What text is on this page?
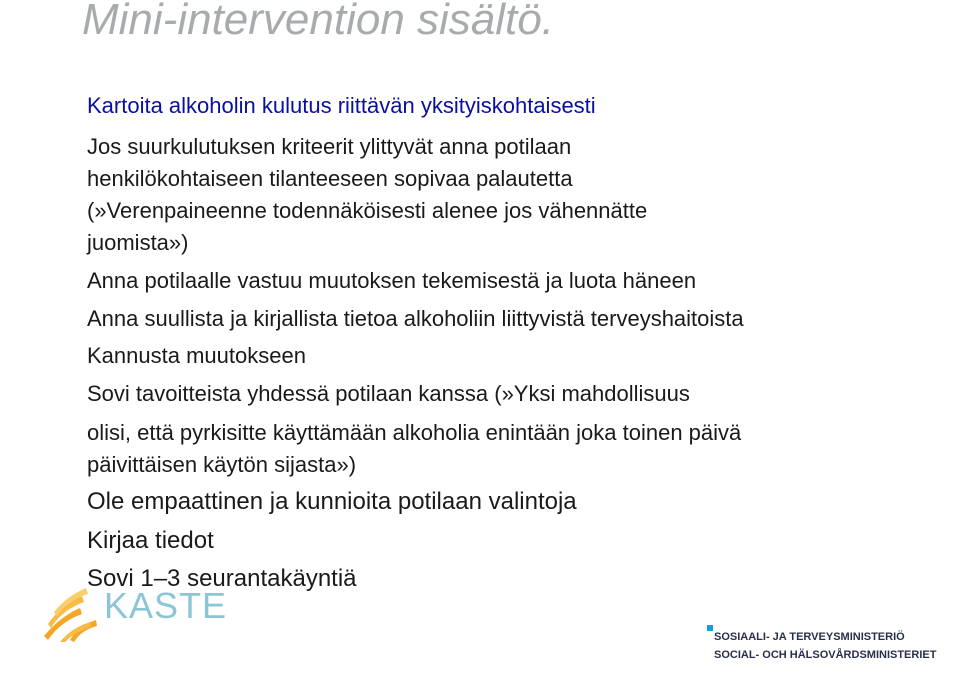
Mini-intervention sisältö.

Kartoita alkoholin kulutus riittävän yksityiskohtaisesti

Jos suurkulutuksen kriteerit ylittyvät anna potilaan

henkilökohtaiseen tilanteeseen sopivaa palautetta

(»Verenpaineenne todennäköisesti alenee jos vähennätte

juomista»)

Anna potilaalle vastuu muutoksen tekemisestä ja luota häneen

Anna suullista ja kirjallista tietoa alkoholiin liittyvistä terveyshaitoista

Kannusta muutokseen

Sovi tavoitteista yhdessä potilaan kanssa (»Yksi mahdollisuus

olisi, että pyrkisitte käyttämään alkoholia enintään joka toinen päivä

päivittäisen käytön sijasta»)

Ole empaattinen ja kunnioita potilaan valintoja

Kirjaa tiedot

Sovi 1–3 seurantakäyntiä

KASTE

SOSIAALI- JA TERVEYSMINISTERIÖ

SOCIAL- OCH HÄLSOVÅRDSMINISTERIET
